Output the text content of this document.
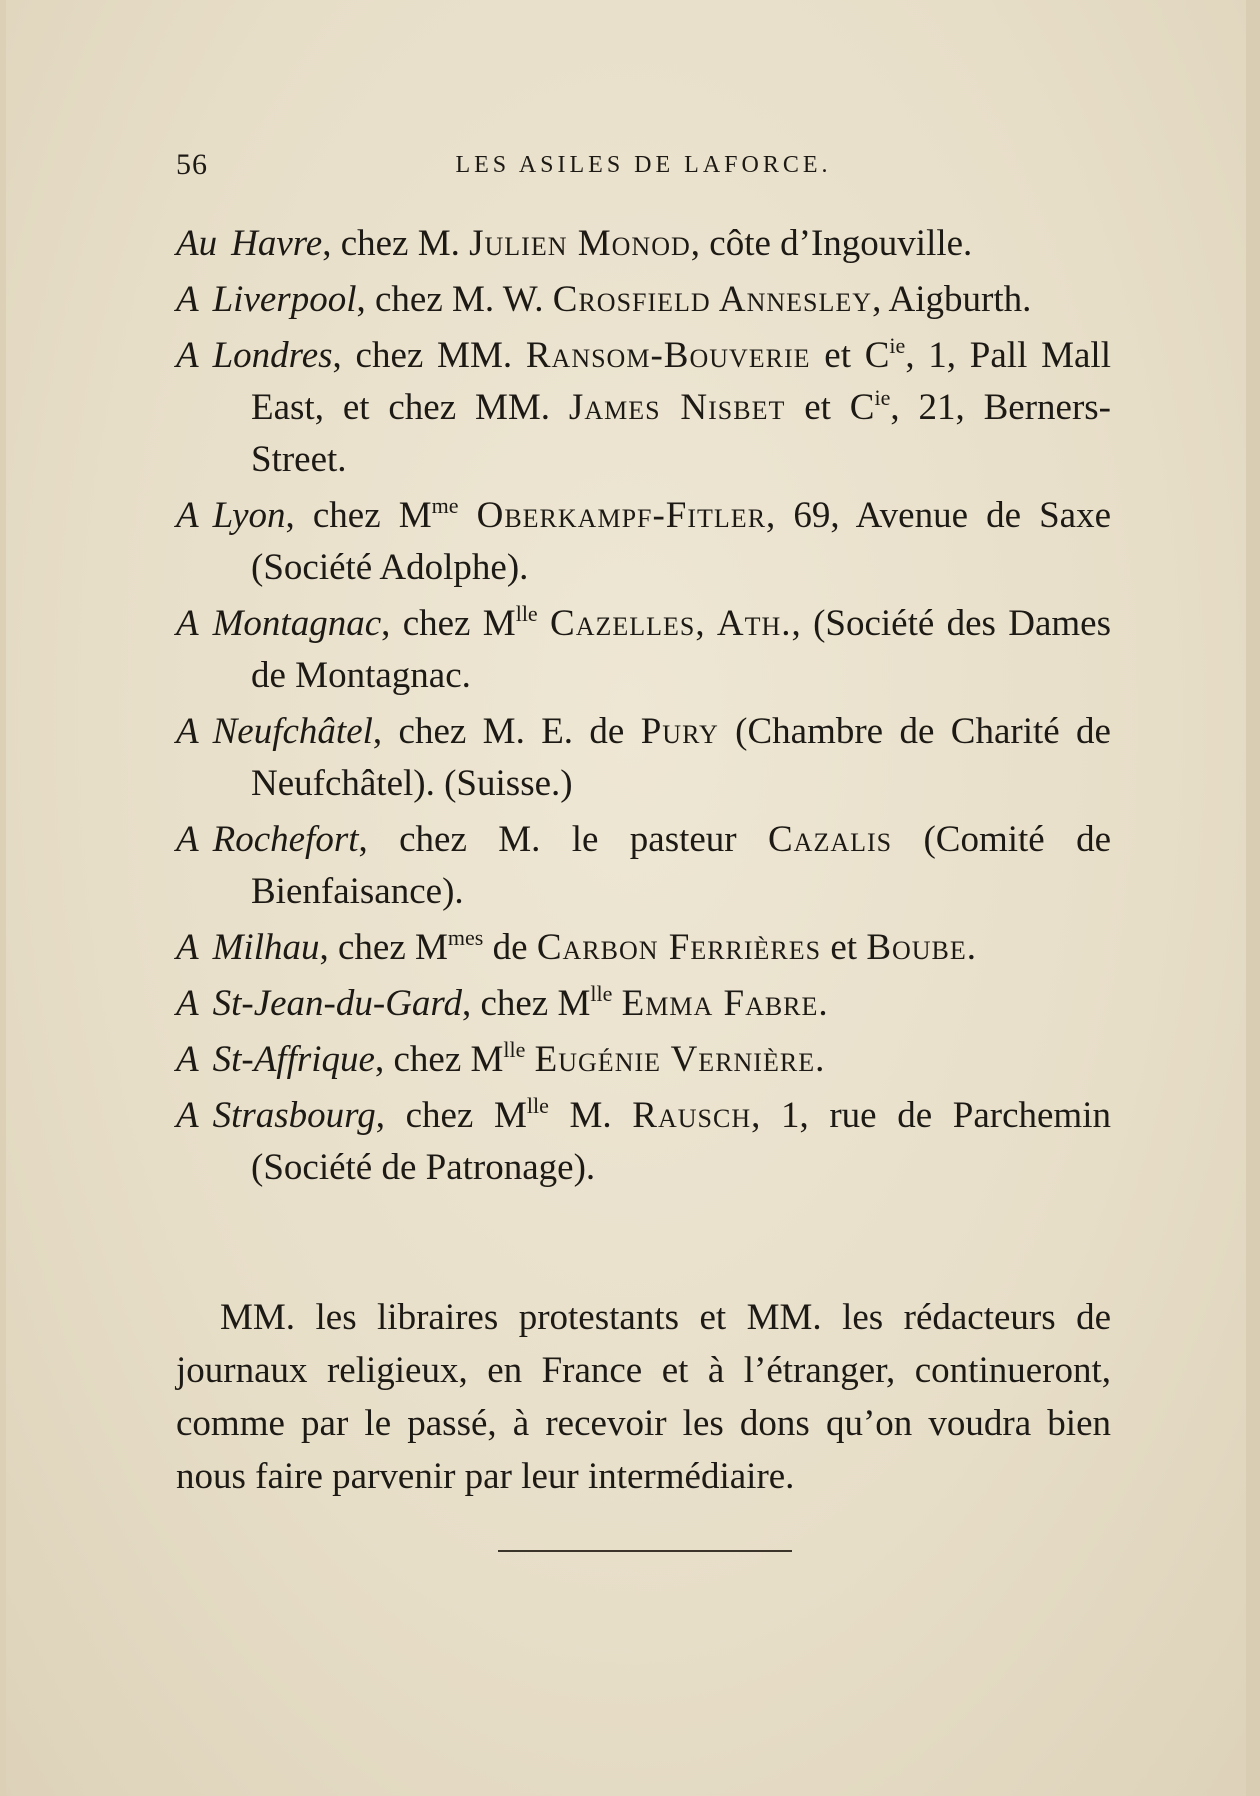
56	LES ASILES DE LAFORCE.
Au Havre, chez M. Julien Monod, côte d’Ingouville.
A Liverpool, chez M. W. Crosfield Annesley, Aigburth.
A Londres, chez MM. Ransom-Bouverie et $C^{ie}$, 1, Pall Mall East, et chez MM. James Nisbet et $C^{ie}$, 21, Berners-Street.
A Lyon, chez $M^{me}$ Oberkampf-Fitler, 69, Avenue de Saxe (Société Adolphe).
A Montagnac, chez $M^{lle}$ Cazelles, Ath., (Société des Dames de Montagnac.
A Neufchâtel, chez M. E. de Pury (Chambre de Charité de Neufchâtel). (Suisse.)
A Rochefort, chez M. le pasteur Cazalis (Comité de Bienfaisance).
A Milhau, chez $M^{mes}$ de Carbon Ferrières et Boube.
A St-Jean-du-Gard, chez $M^{lle}$ Emma Fabre.
A St-Affrique, chez $M^{lle}$ Eugénie Vernière.
A Strasbourg, chez $M^{lle}$ M. Rausch, 1, rue de Parchemin (Société de Patronage).

MM. les libraires protestants et MM. les rédacteurs de journaux religieux, en France et à l’étranger, continueront, comme par le passé, à recevoir les dons qu’on voudra bien nous faire parvenir par leur intermédiaire.
